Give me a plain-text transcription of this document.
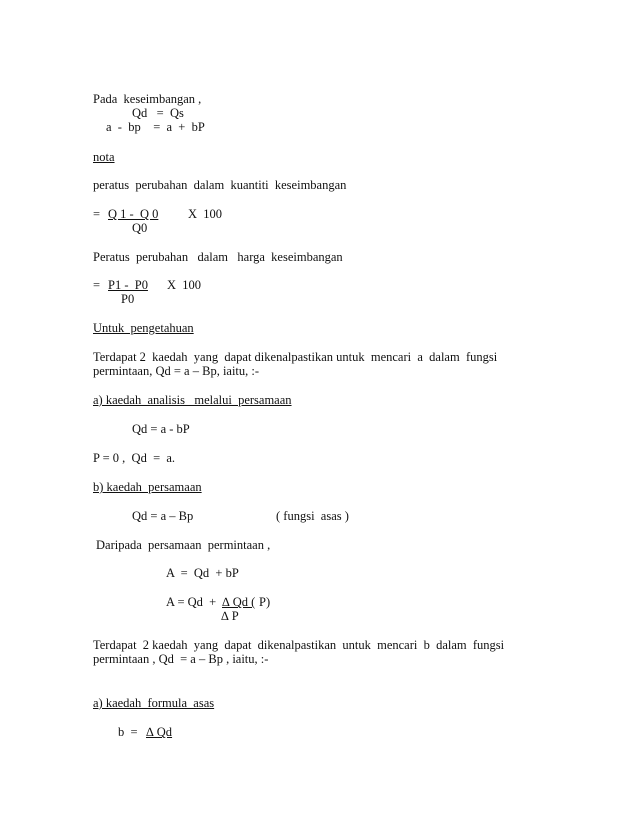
Pada  keseimbangan ,
Qd   =  Qs
a  -  bp    =  a  +  bP
nota
peratus  perubahan  dalam  kuantiti  keseimbangan
= Q 1 -  Q 0 X  100
Q0
Peratus  perubahan   dalam   harga  keseimbangan
= P1 -  P0 X  100
P0
Untuk  pengetahuan
Terdapat 2  kaedah  yang  dapat dikenalpastikan untuk  mencari  a  dalam  fungsi
permintaan, Qd = a – Bp, iaitu, :-
a) kaedah  analisis   melalui  persamaan
Qd = a - bP
P = 0 ,  Qd  =  a.
b) kaedah  persamaan
Qd = a – Bp	( fungsi  asas )
Daripada  persamaan  permintaan ,
A  =  Qd  + bP
A = Qd  + ∆ Qd ( P)
∆ P
Terdapat  2 kaedah  yang  dapat  dikenalpastikan  untuk  mencari  b  dalam  fungsi
permintaan , Qd  = a – Bp , iaitu, :-
a) kaedah  formula  asas
b  = ∆ Qd
